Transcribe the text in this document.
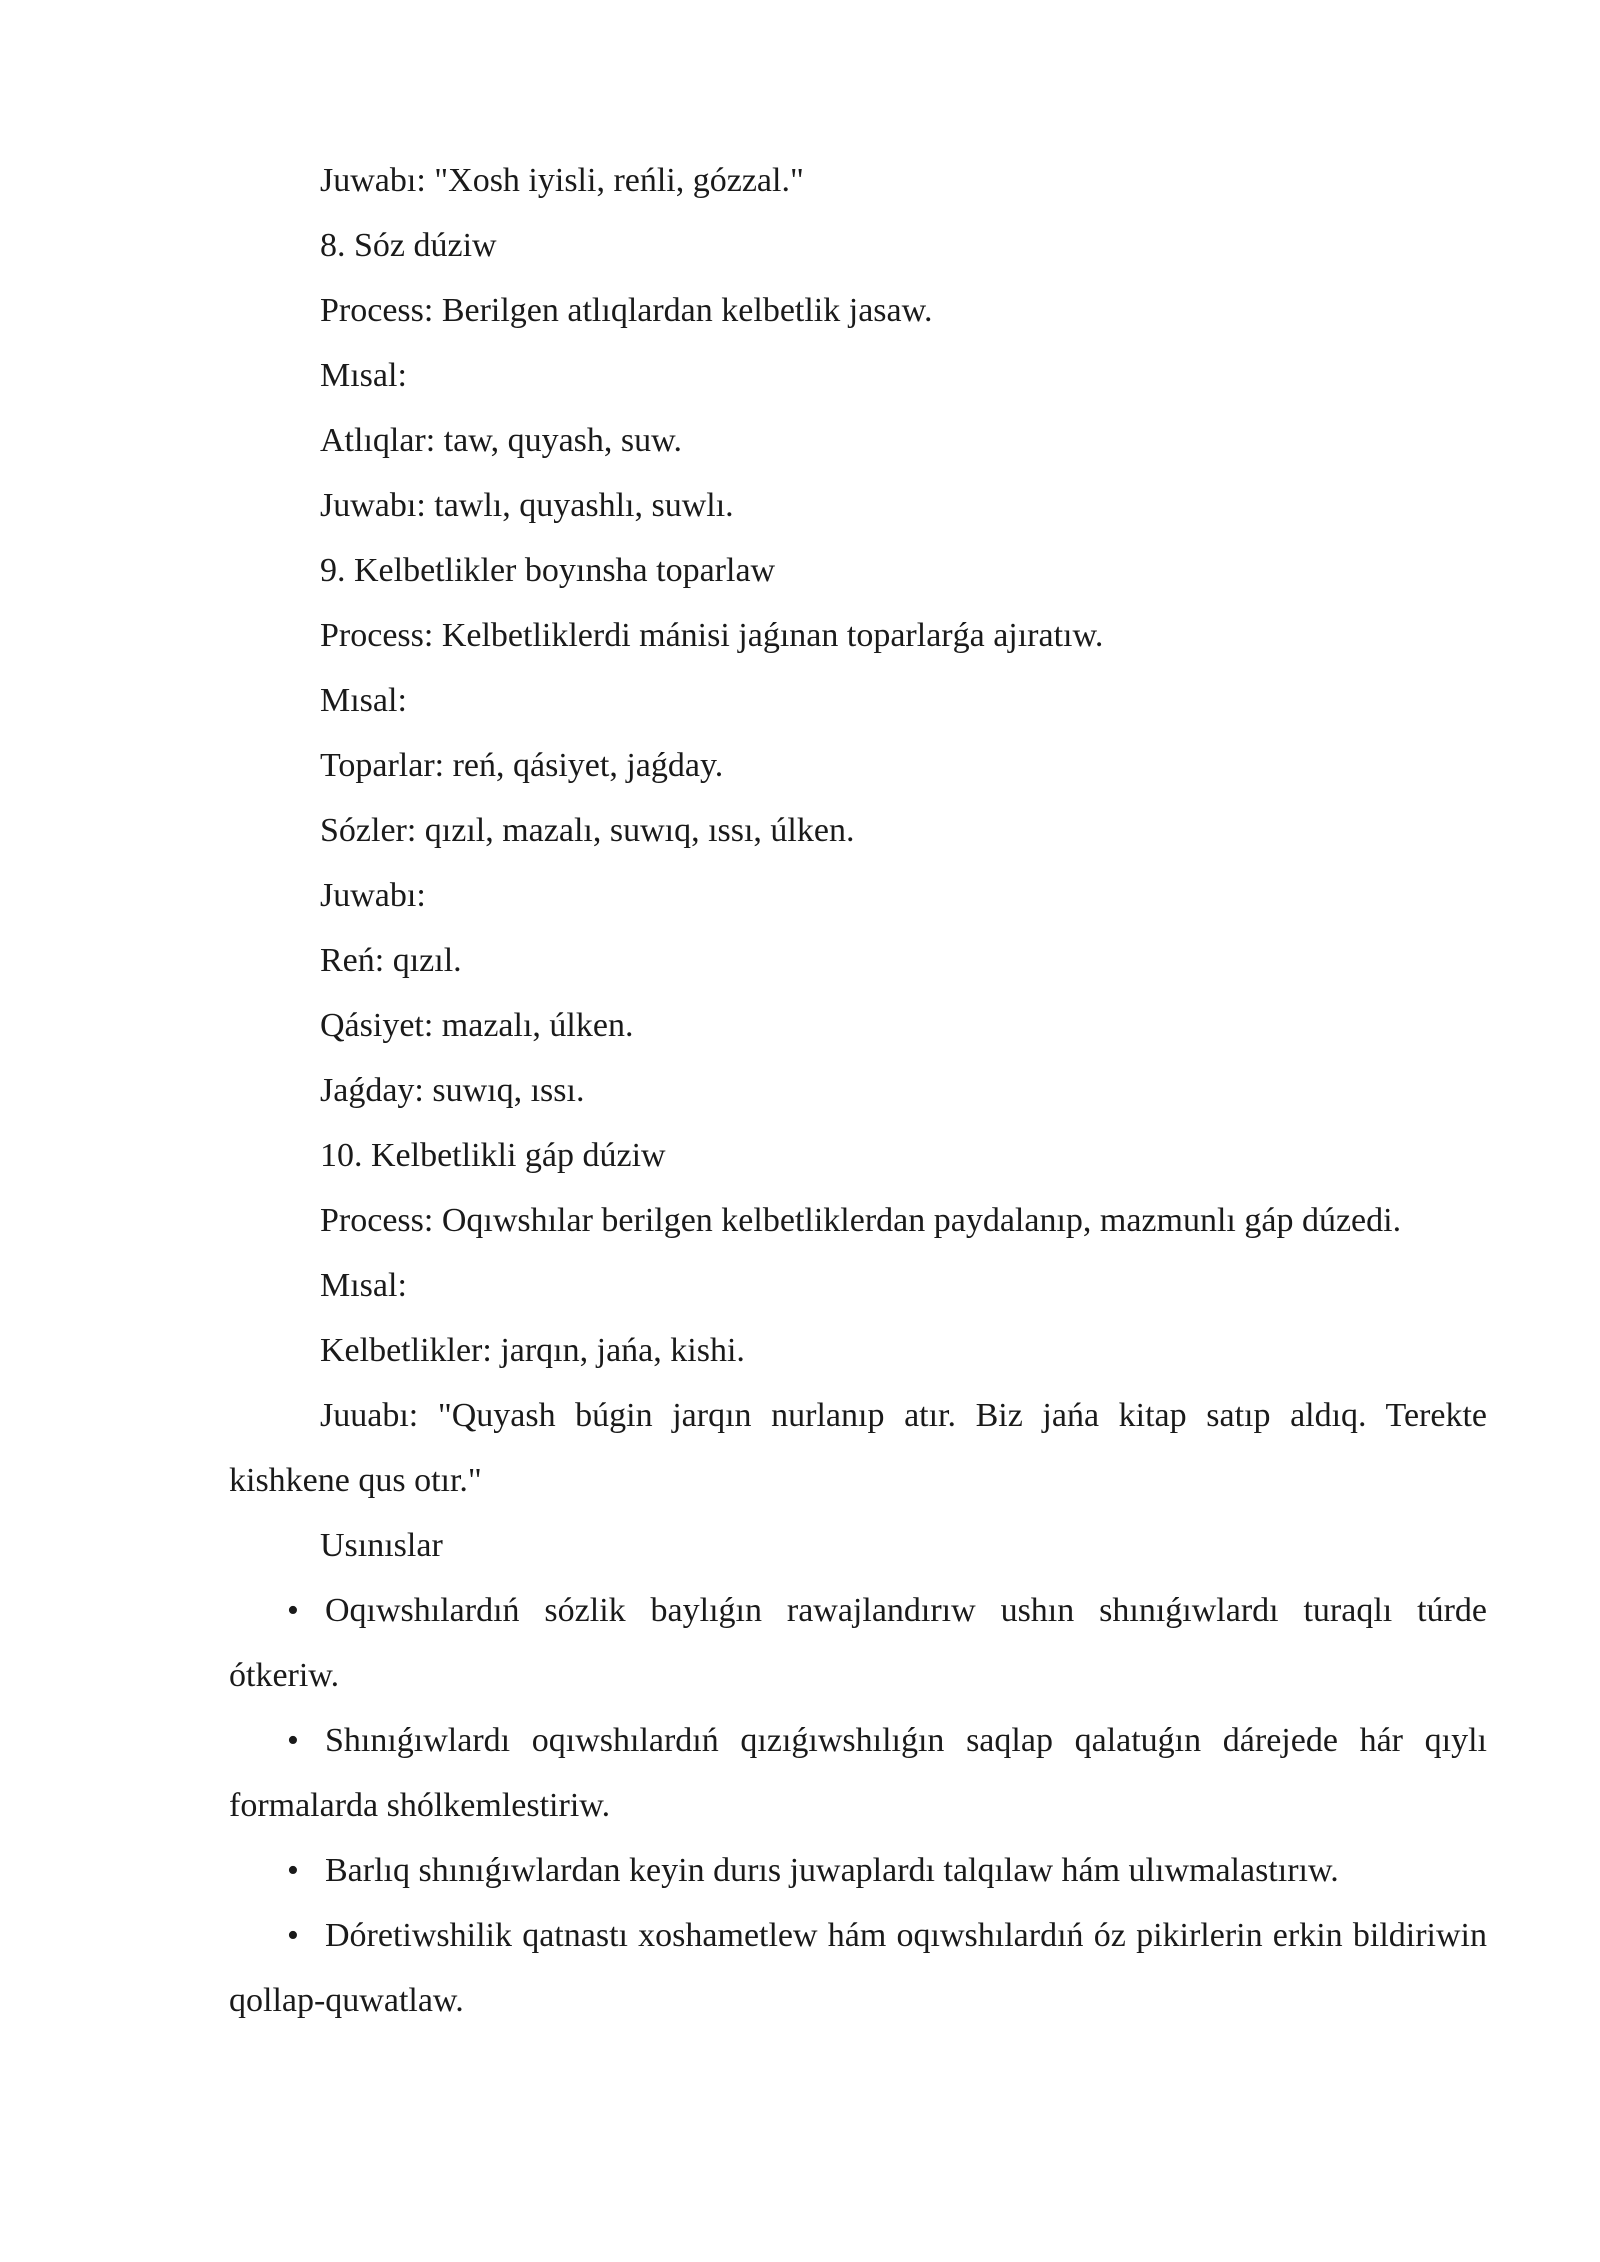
Juwabı: "Xosh iyisli, reńli, gózzal."

8. Sóz dúziw

Process: Berilgen atlıqlardan kelbetlik jasaw.

Mısal:

Atlıqlar: taw, quyash, suw.

Juwabı: tawlı, quyashlı, suwlı.

9. Kelbetlikler boyınsha toparlaw

Process: Kelbetliklerdi mánisi jaǵınan toparlarǵa ajıratıw.

Mısal:

Toparlar: reń, qásiyet, jaǵday.

Sózler: qızıl, mazalı, suwıq, ıssı, úlken.

Juwabı:

Reń: qızıl.

Qásiyet: mazalı, úlken.

Jaǵday: suwıq, ıssı.

10. Kelbetlikli gáp dúziw

Process: Oqıwshılar berilgen kelbetliklerdan paydalanıp, mazmunlı gáp dúzedi.

Mısal:

Kelbetlikler: jarqın, jańa, kishi.

Juuabı: "Quyash búgin jarqın nurlanıp atır. Biz jańa kitap satıp aldıq. Terekte kishkene qus otır."

Usınıslar

• Oqıwshılardıń sózlik baylıǵın rawajlandırıw ushın shınıǵıwlardı turaqlı túrde ótkeriw.

• Shınıǵıwlardı oqıwshılardıń qızıǵıwshılıǵın saqlap qalatuǵın dárejede hár qıylı formalarda shólkemlestiriw.

• Barlıq shınıǵıwlardan keyin durıs juwaplardı talqılaw hám ulıwmalastırıw.

• Dóretiwshilik qatnastı xoshametlew hám oqıwshılardıń óz pikirlerin erkin bildiriwin qollap-quwatlaw.
